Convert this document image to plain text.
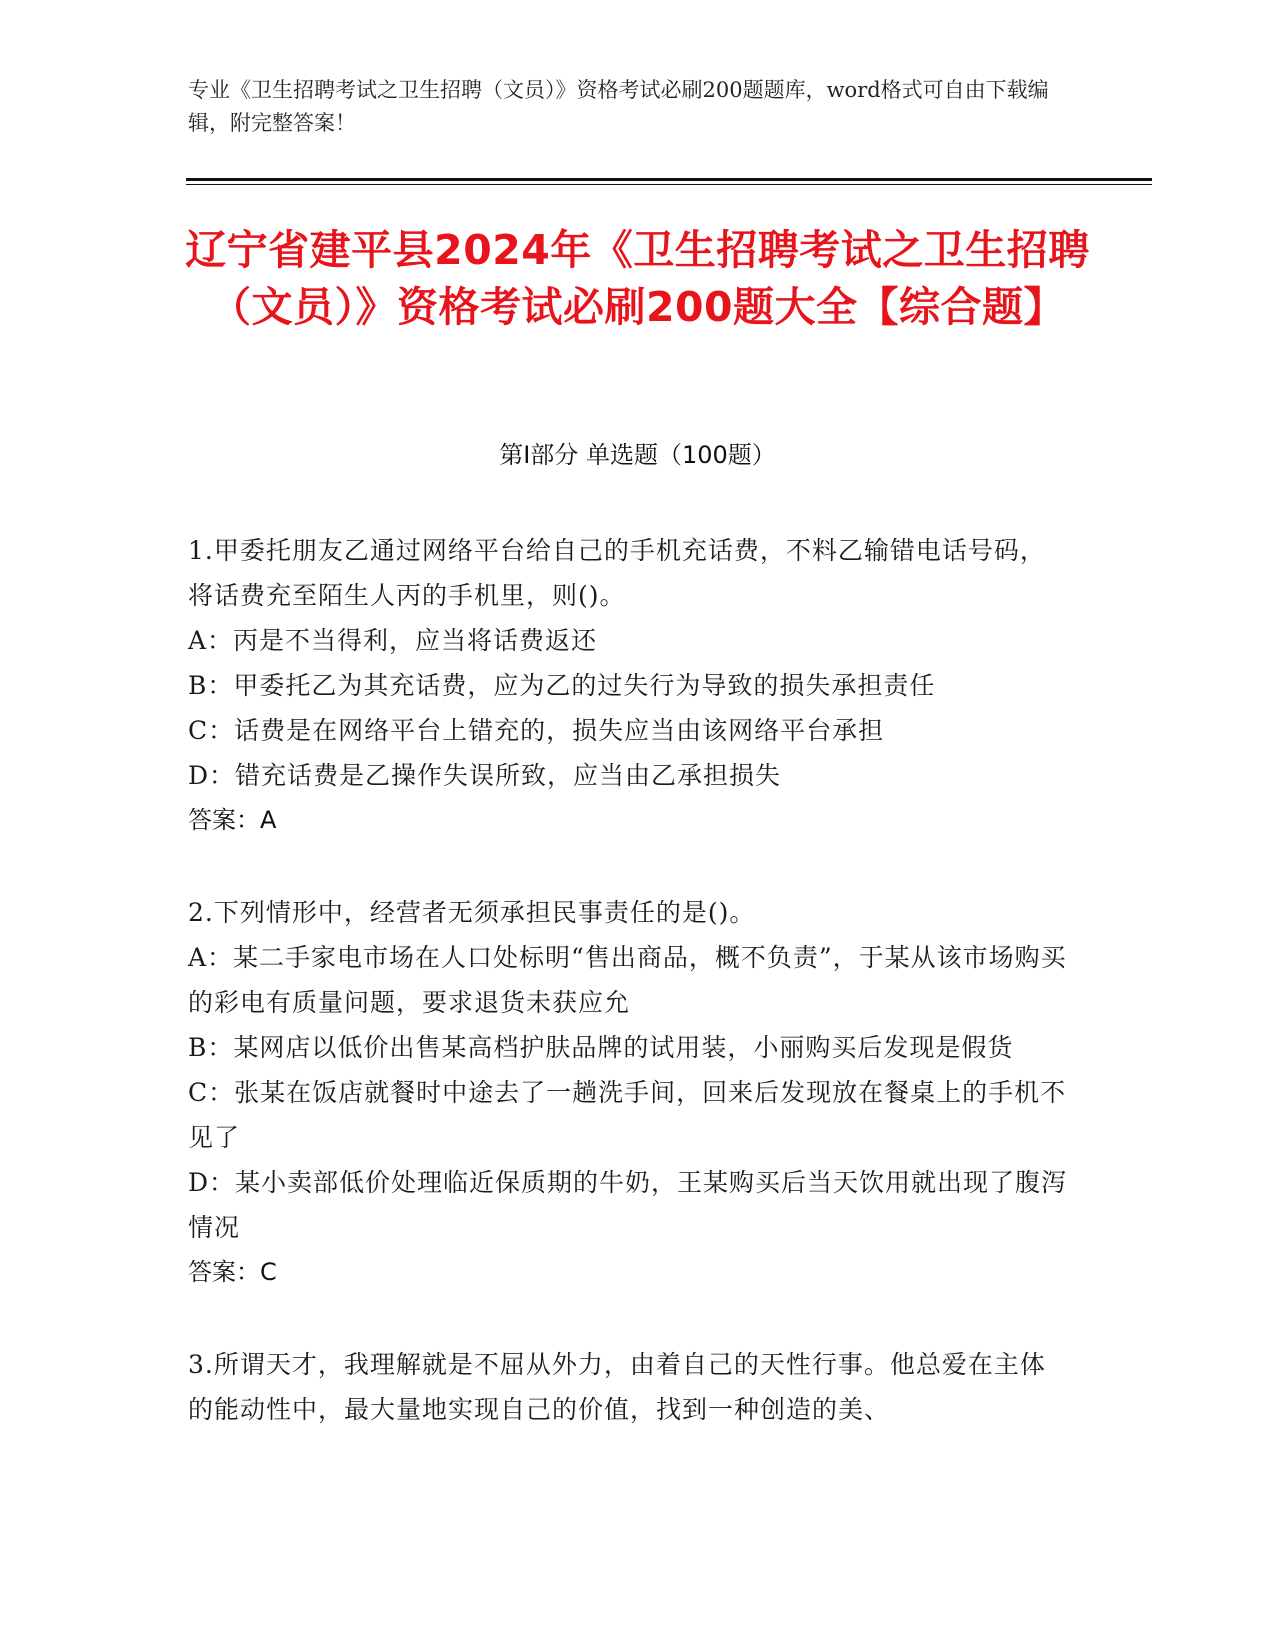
专业《卫生招聘考试之卫生招聘（文员）》资格考试必刷200题题库，word格式可自由下载编辑，附完整答案！
辽宁省建平县2024年《卫生招聘考试之卫生招聘（文员）》资格考试必刷200题大全【综合题】
第I部分 单选题（100题）
1.甲委托朋友乙通过网络平台给自己的手机充话费，不料乙输错电话号码，将话费充至陌生人丙的手机里，则()。
A：丙是不当得利，应当将话费返还
B：甲委托乙为其充话费，应为乙的过失行为导致的损失承担责任
C：话费是在网络平台上错充的，损失应当由该网络平台承担
D：错充话费是乙操作失误所致，应当由乙承担损失
答案：A
2.下列情形中，经营者无须承担民事责任的是()。
A：某二手家电市场在人口处标明“售出商品，概不负责”，于某从该市场购买的彩电有质量问题，要求退货未获应允
B：某网店以低价出售某高档护肤品牌的试用装，小丽购买后发现是假货
C：张某在饭店就餐时中途去了一趟洗手间，回来后发现放在餐桌上的手机不见了
D：某小卖部低价处理临近保质期的牛奶，王某购买后当天饮用就出现了腹泻情况
答案：C
3.所谓天才，我理解就是不屈从外力，由着自己的天性行事。他总爱在主体的能动性中，最大量地实现自己的价值，找到一种创造的美、
